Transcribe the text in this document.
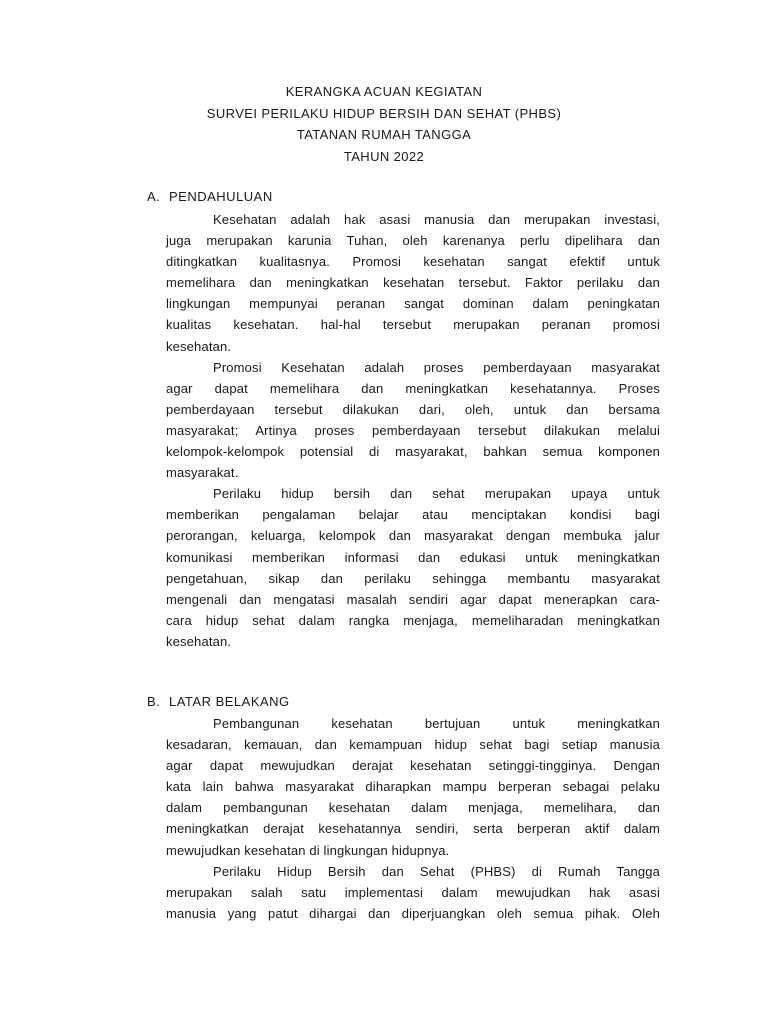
KERANGKA ACUAN KEGIATAN
SURVEI PERILAKU HIDUP BERSIH DAN SEHAT (PHBS)
TATANAN RUMAH TANGGA
TAHUN 2022
A. PENDAHULUAN
Kesehatan adalah hak asasi manusia dan merupakan investasi,
juga merupakan karunia Tuhan, oleh karenanya perlu dipelihara dan
ditingkatkan kualitasnya. Promosi kesehatan sangat efektif untuk
memelihara dan meningkatkan kesehatan tersebut. Faktor perilaku dan
lingkungan mempunyai peranan sangat dominan dalam peningkatan
kualitas kesehatan. hal-hal tersebut merupakan peranan promosi
kesehatan.
Promosi Kesehatan adalah proses pemberdayaan masyarakat
agar dapat memelihara dan meningkatkan kesehatannya. Proses
pemberdayaan tersebut dilakukan dari, oleh, untuk dan bersama
masyarakat; Artinya proses pemberdayaan tersebut dilakukan melalui
kelompok-kelompok potensial di masyarakat, bahkan semua komponen
masyarakat.
Perilaku hidup bersih dan sehat merupakan upaya untuk
memberikan pengalaman belajar atau menciptakan kondisi bagi
perorangan, keluarga, kelompok dan masyarakat dengan membuka jalur
komunikasi memberikan informasi dan edukasi untuk meningkatkan
pengetahuan, sikap dan perilaku sehingga membantu masyarakat
mengenali dan mengatasi masalah sendiri agar dapat menerapkan cara-
cara hidup sehat dalam rangka menjaga, memeliharadan meningkatkan
kesehatan.
B. LATAR BELAKANG
Pembangunan kesehatan bertujuan untuk meningkatkan
kesadaran, kemauan, dan kemampuan hidup sehat bagi setiap manusia
agar dapat mewujudkan derajat kesehatan setinggi-tingginya. Dengan
kata lain bahwa masyarakat diharapkan mampu berperan sebagai pelaku
dalam pembangunan kesehatan dalam menjaga, memelihara, dan
meningkatkan derajat kesehatannya sendiri, serta berperan aktif dalam
mewujudkan kesehatan di lingkungan hidupnya.
Perilaku Hidup Bersih dan Sehat (PHBS) di Rumah Tangga
merupakan salah satu implementasi dalam mewujudkan hak asasi
manusia yang patut dihargai dan diperjuangkan oleh semua pihak. Oleh
